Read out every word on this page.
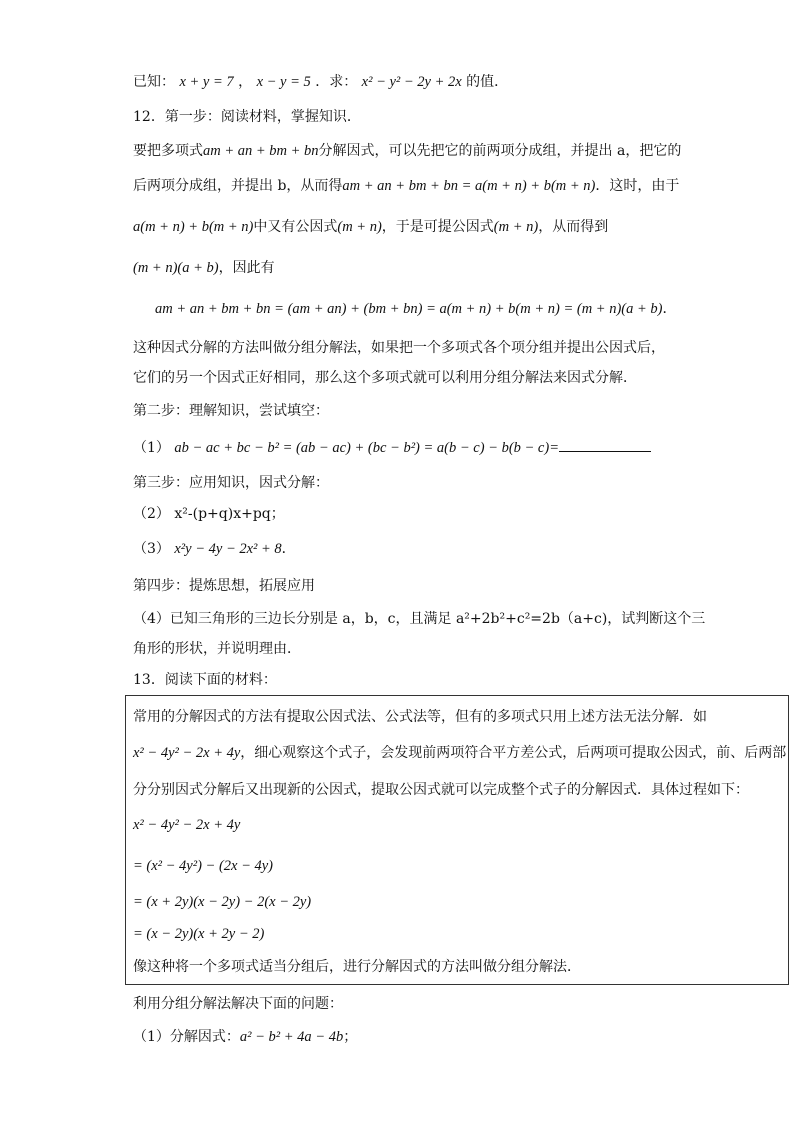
已知： x + y = 7 ， x − y = 5 ．求： x² − y² − 2y + 2x 的值．
12．第一步：阅读材料，掌握知识．
要把多项式am + an + bm + bn分解因式，可以先把它的前两项分成组，并提出 a，把它的
后两项分成组，并提出 b，从而得am + an + bm + bn = a(m + n) + b(m + n)．这时，由于
a(m + n) + b(m + n)中又有公因式(m + n)，于是可提公因式(m + n)，从而得到
(m + n)(a + b)，因此有
am + an + bm + bn = (am + an) + (bm + bn) = a(m + n) + b(m + n) = (m + n)(a + b)．
这种因式分解的方法叫做分组分解法，如果把一个多项式各个项分组并提出公因式后，
它们的另一个因式正好相同，那么这个多项式就可以利用分组分解法来因式分解．
第二步：理解知识，尝试填空：
（1） ab − ac + bc − b² = (ab − ac) + (bc − b²) = a(b − c) − b(b − c)=
第三步：应用知识，因式分解：
（2） x²-(p+q)x+pq；
（3） x²y − 4y − 2x² + 8．
第四步：提炼思想，拓展应用
（4）已知三角形的三边长分别是 a，b，c，且满足 a²+2b²+c²=2b（a+c)，试判断这个三
角形的形状，并说明理由．
13．阅读下面的材料：
常用的分解因式的方法有提取公因式法、公式法等，但有的多项式只用上述方法无法分解．如
x² − 4y² − 2x + 4y，细心观察这个式子，会发现前两项符合平方差公式，后两项可提取公因式，前、后两部
分分别因式分解后又出现新的公因式，提取公因式就可以完成整个式子的分解因式．具体过程如下：
x² − 4y² − 2x + 4y
= (x² − 4y²) − (2x − 4y)
= (x + 2y)(x − 2y) − 2(x − 2y)
= (x − 2y)(x + 2y − 2)
像这种将一个多项式适当分组后，进行分解因式的方法叫做分组分解法．
利用分组分解法解决下面的问题：
（1）分解因式：a² − b² + 4a − 4b；
